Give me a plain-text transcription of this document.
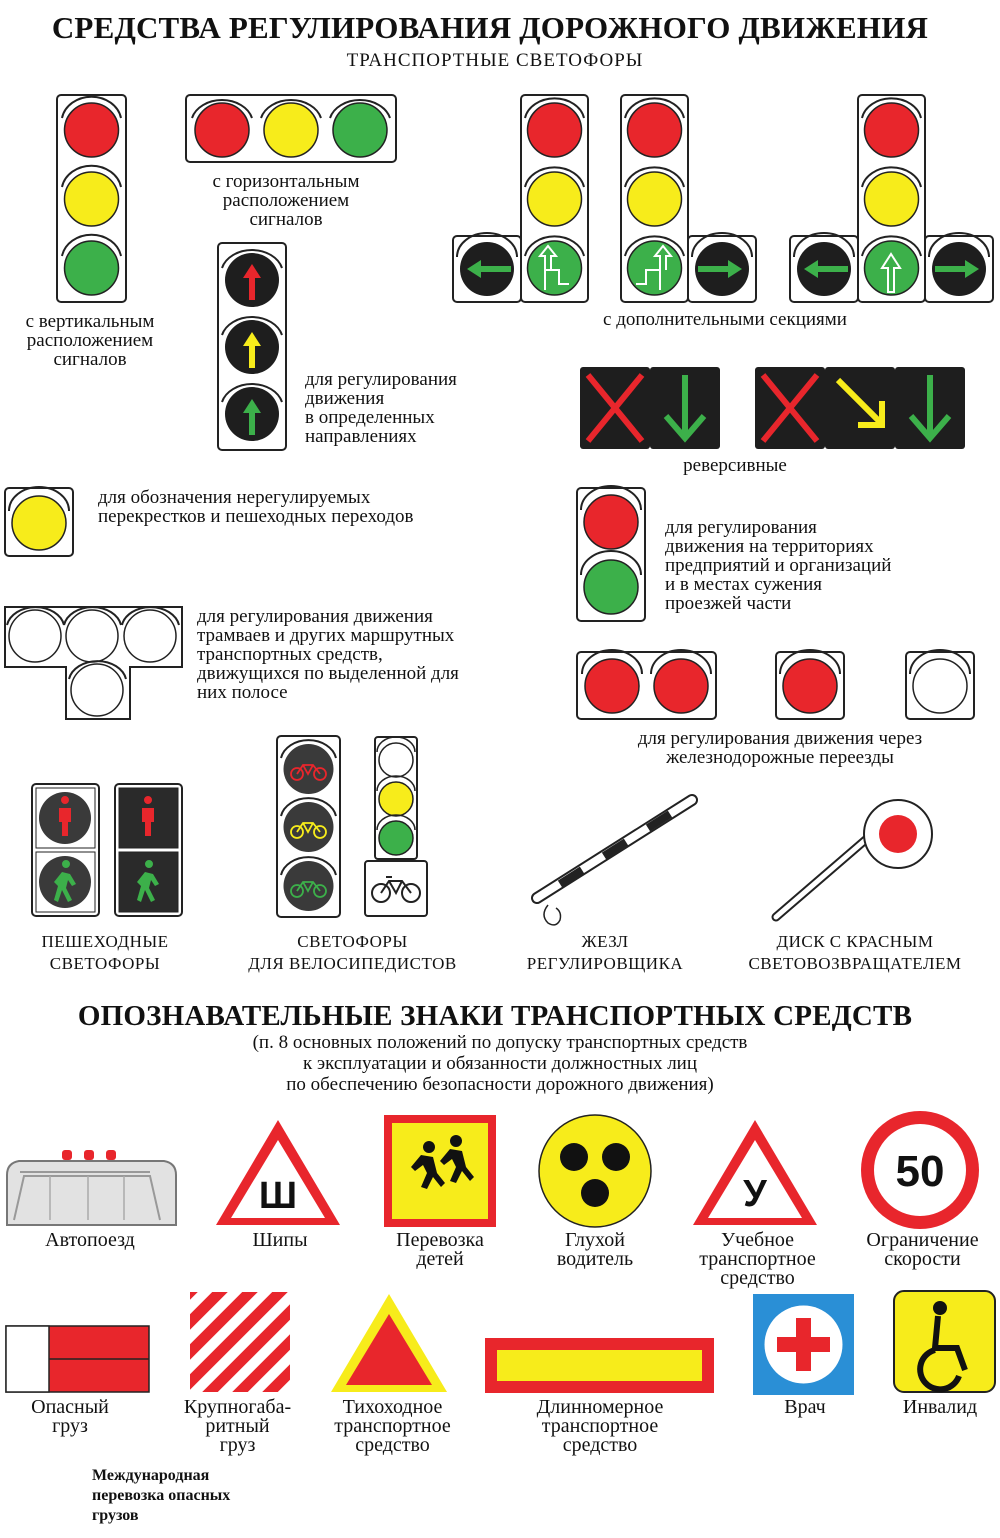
СРЕДСТВА РЕГУЛИРОВАНИЯ ДОРОЖНОГО ДВИЖЕНИЯ
ТРАНСПОРТНЫЕ СВЕТОФОРЫ
с горизонтальным
расположением
сигналов
с вертикальным
расположением
сигналов
для регулирования
движения
в определенных
направлениях
с дополнительными секциями
реверсивные
для обозначения нерегулируемых
перекрестков и пешеходных переходов
для регулирования
движения на территориях
предприятий и организаций
и в местах сужения
проезжей части
для регулирования движения
трамваев и других маршрутных
транспортных средств,
движущихся по выделенной для
них полосе
для регулирования движения через
железнодорожные переезды
ПЕШЕХОДНЫЕ
СВЕТОФОРЫ
СВЕТОФОРЫ
ДЛЯ ВЕЛОСИПЕДИСТОВ
ЖЕЗЛ
РЕГУЛИРОВЩИКА
ДИСК С КРАСНЫМ
СВЕТОВОЗВРАЩАТЕЛЕМ
ОПОЗНАВАТЕЛЬНЫЕ ЗНАКИ ТРАНСПОРТНЫХ СРЕДСТВ
(п. 8 основных положений по допуску транспортных средств
к эксплуатации и обязанности должностных лиц
по обеспечению безопасности дорожного движения)
Автопоезд	Шипы	Перевозка
детей
Глухой
водитель
Учебное
транспортное
средство
Ограничение
скорости
Опасный
груз
Крупногаба-
ритный
груз
Тихоходное
транспортное
средство
Длинномерное
транспортное
средство
Врач	Инвалид
Международная
перевозка опасных
грузов
Ш	У	50
